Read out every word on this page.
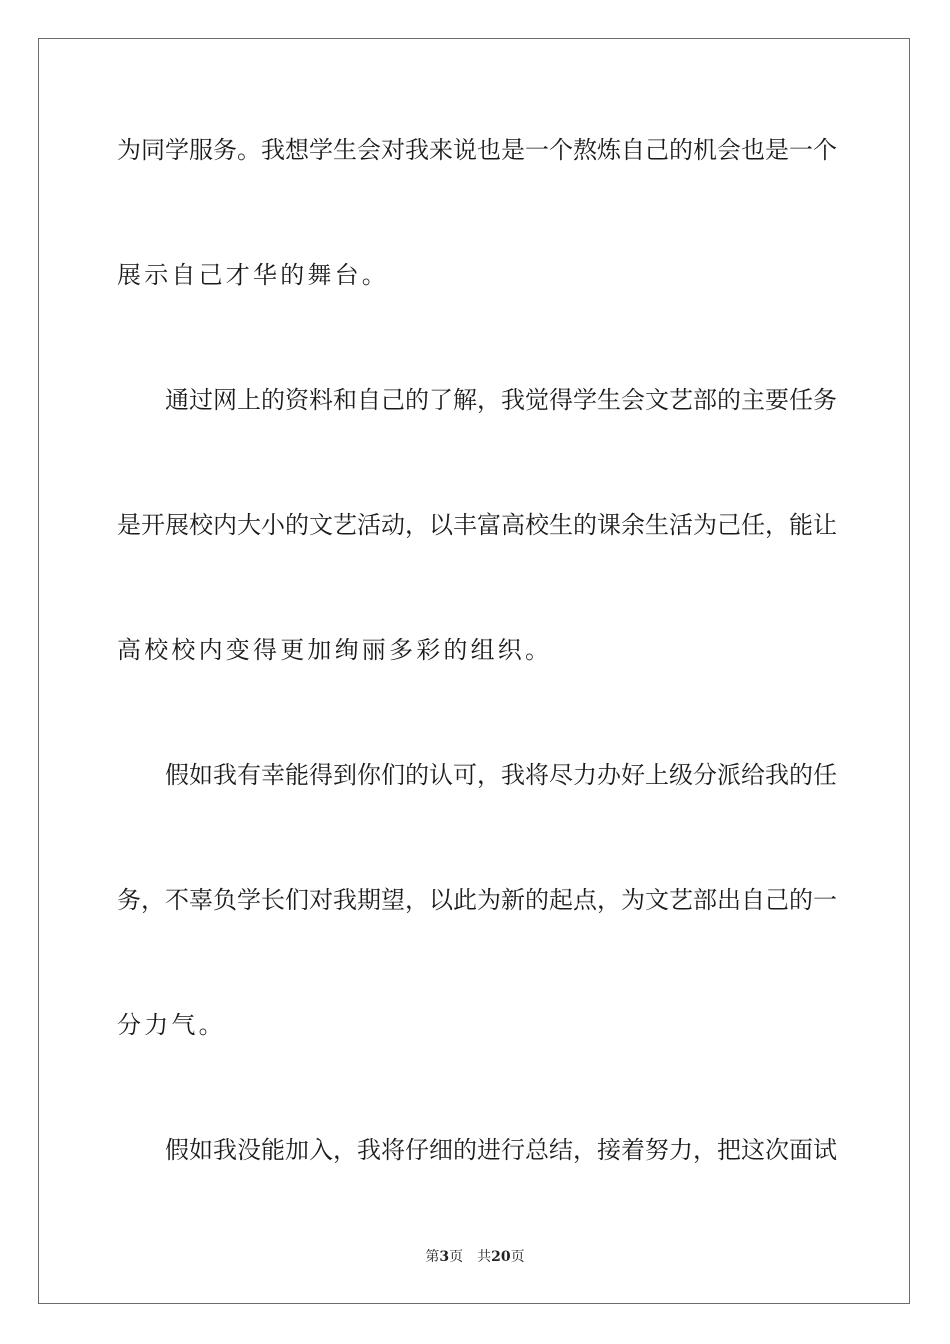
为同学服务。我想学生会对我来说也是一个熬炼自己的机会也是一个
展示自己才华的舞台。
通过网上的资料和自己的了解，我觉得学生会文艺部的主要任务
是开展校内大小的文艺活动，以丰富高校生的课余生活为己任，能让
高校校内变得更加绚丽多彩的组织。
假如我有幸能得到你们的认可，我将尽力办好上级分派给我的任
务，不辜负学长们对我期望，以此为新的起点，为文艺部出自己的一
分力气。
假如我没能加入，我将仔细的进行总结，接着努力，把这次面试
第3页 共20页
